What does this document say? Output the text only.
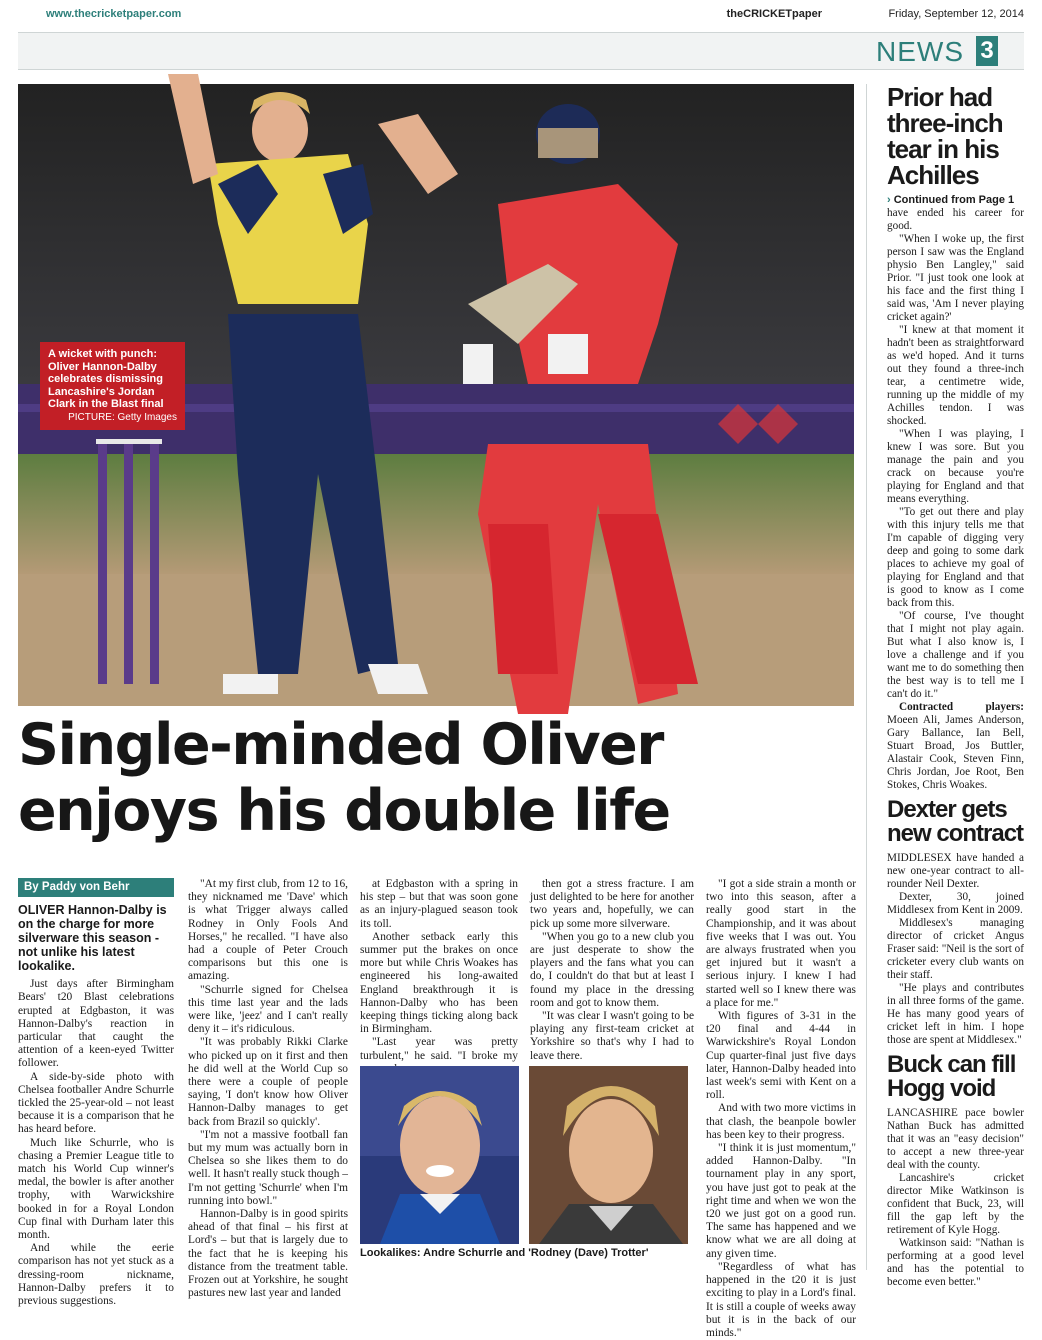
www.thecricketpaper.com	theCRICKETpaper	Friday, September 12, 2014
NEWS 3
A wicket with punch: Oliver Hannon-Dalby celebrates dismissing Lancashire's Jordan Clark in the Blast final
PICTURE: Getty Images
Single-minded Oliver
enjoys his double life
By Paddy von Behr
OLIVER Hannon-Dalby is on the charge for more silverware this season - not unlike his latest lookalike.

Just days after Birmingham Bears' t20 Blast celebrations erupted at Edgbaston, it was Hannon-Dalby's reaction in particular that caught the attention of a keen-eyed Twitter follower.

A side-by-side photo with Chelsea footballer Andre Schurrle tickled the 25-year-old – not least because it is a comparison that he has heard before.

Much like Schurrle, who is chasing a Premier League title to match his World Cup winner's medal, the bowler is after another trophy, with Warwickshire booked in for a Royal London Cup final with Durham later this month.

And while the eerie comparison has not yet stuck as a dressing-room nickname, Hannon-Dalby prefers it to previous suggestions.

"At my first club, from 12 to 16, they nicknamed me 'Dave' which is what Trigger always called Rodney in Only Fools And Horses," he recalled. "I have also had a couple of Peter Crouch comparisons but this one is amazing.

"Schurrle signed for Chelsea this time last year and the lads were like, 'jeez' and I can't really deny it – it's ridiculous.

"It was probably Rikki Clarke who picked up on it first and then he did well at the World Cup so there were a couple of people saying, 'I don't know how Oliver Hannon-Dalby manages to get back from Brazil so quickly'.

"I'm not a massive football fan but my mum was actually born in Chelsea so she likes them to do well. It hasn't really stuck though – I'm not getting 'Schurrle' when I'm running into bowl."

Hannon-Dalby is in good spirits ahead of that final – his first at Lord's – but that is largely due to the fact that he is keeping his distance from the treatment table. Frozen out at Yorkshire, he sought pastures new last year and landed

at Edgbaston with a spring in his step – but that was soon gone as an injury-plagued season took its toll.

Another setback early this summer put the brakes on once more but while Chris Woakes has engineered his long-awaited England breakthrough it is Hannon-Dalby who has been keeping things ticking along back in Birmingham.

"Last year was pretty turbulent," he said. "I broke my

then got a stress fracture. I am just delighted to be here for another two years and, hopefully, we can pick up some more silverware.

"When you go to a new club you are just desperate to show the players and the fans what you can do, I couldn't do that but at least I found my place in the dressing room and got to know them.

"It was clear I wasn't going to be playing any first-team cricket at Yorkshire so that's why I had to leave there.

"I got a side strain a month or two into this season, after a really good start in the Championship, and it was about five weeks that I was out. You are always frustrated when you get injured but it wasn't a serious injury. I knew I had started well so I knew there was a place for me."

With figures of 3-31 in the t20 final and 4-44 in Warwickshire's Royal London Cup quarter-final just five days later, Hannon-Dalby headed into last week's semi with Kent on a roll.

And with two more victims in that clash, the beanpole bowler has been key to their progress.

"I think it is just momentum," added Hannon-Dalby. "In tournament play in any sport, you have just got to peak at the right time and when we won the t20 we just got on a good run. The same has happened and we know what we are all doing at any given time.

"Regardless of what has happened in the t20 it is just exciting to play in a Lord's final. It is still a couple of weeks away but it is in the back of our minds."

Lookalikes: Andre Schurrle and 'Rodney (Dave) Trotter'
Prior had three-inch tear in his Achilles
› Continued from Page 1

have ended his career for good.

"When I woke up, the first person I saw was the England physio Ben Langley," said Prior. "I just took one look at his face and the first thing I said was, 'Am I never playing cricket again?'

"I knew at that moment it hadn't been as straightforward as we'd hoped. And it turns out they found a three-inch tear, a centimetre wide, running up the middle of my Achilles tendon. I was shocked.

"When I was playing, I knew I was sore. But you manage the pain and you crack on because you're playing for England and that means everything.

"To get out there and play with this injury tells me that I'm capable of digging very deep and going to some dark places to achieve my goal of playing for England and that is good to know as I come back from this.

"Of course, I've thought that I might not play again. But what I also know is, I love a challenge and if you want me to do something then the best way is to tell me I can't do it."

Contracted players: Moeen Ali, James Anderson, Gary Ballance, Ian Bell, Stuart Broad, Jos Buttler, Alastair Cook, Steven Finn, Chris Jordan, Joe Root, Ben Stokes, Chris Woakes.

Dexter gets new contract

MIDDLESEX have handed a new one-year contract to all-rounder Neil Dexter.

Dexter, 30, joined Middlesex from Kent in 2009.

Middlesex's managing director of cricket Angus Fraser said: "Neil is the sort of cricketer every club wants on their staff.

"He plays and contributes in all three forms of the game. He has many good years of cricket left in him. I hope those are spent at Middlesex."

Buck can fill Hogg void

LANCASHIRE pace bowler Nathan Buck has admitted that it was an "easy decision" to accept a new three-year deal with the county.

Lancashire's cricket director Mike Watkinson is confident that Buck, 23, will fill the gap left by the retirement of Kyle Hogg.

Watkinson said: "Nathan is performing at a good level and has the potential to become even better."
